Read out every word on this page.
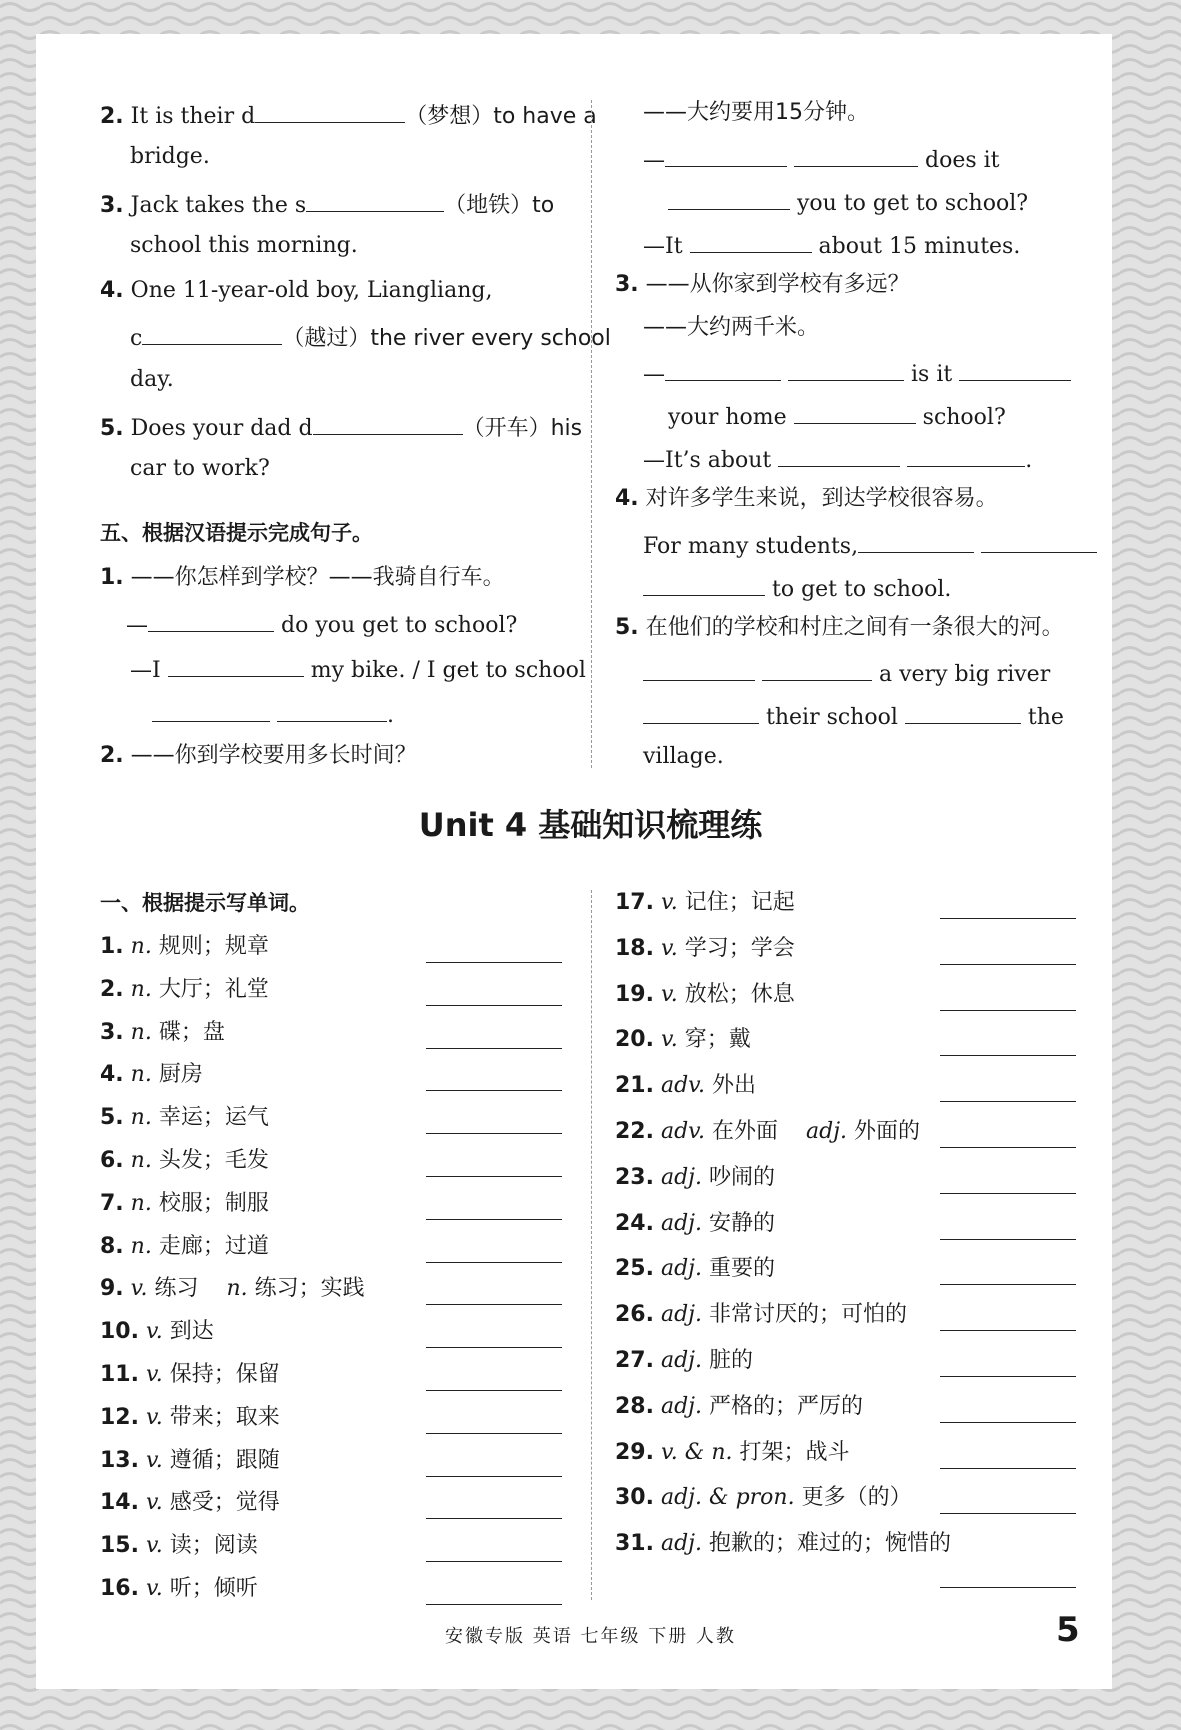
2. It is their d	（梦想）to have a
bridge.
3. Jack takes the s	（地铁）to
school this morning.
4. One 11-year-old boy, Liangliang,
c	（越过）the river every school
day.
5. Does your dad d	（开车）his
car to work?
五、根据汉语提示完成句子。
1. ——你怎样到学校？——我骑自行车。
—	do you get to school?
—I	my bike. / I get to school
.
2. ——你到学校要用多长时间？
——大约要用15分钟。
—	does it
you to get to school?
—It	about 15 minutes.
3. ——从你家到学校有多远？
——大约两千米。
—	is it
your home	school?
—It’s about	.
4. 对许多学生来说，到达学校很容易。
For many students,
to get to school.
5. 在他们的学校和村庄之间有一条很大的河。
a very big river
their school	the
village.
Unit 4 基础知识梳理练
一、根据提示写单词。
1. n. 规则；规章
2. n. 大厅；礼堂
3. n. 碟；盘
4. n. 厨房
5. n. 幸运；运气
6. n. 头发；毛发
7. n. 校服；制服
8. n. 走廊；过道
9. v. 练习 n. 练习；实践
10. v. 到达
11. v. 保持；保留
12. v. 带来；取来
13. v. 遵循；跟随
14. v. 感受；觉得
15. v. 读；阅读
16. v. 听；倾听
17. v. 记住；记起
18. v. 学习；学会
19. v. 放松；休息
20. v. 穿；戴
21. adv. 外出
22. adv. 在外面 adj. 外面的
23. adj. 吵闹的
24. adj. 安静的
25. adj. 重要的
26. adj. 非常讨厌的；可怕的
27. adj. 脏的
28. adj. 严格的；严厉的
29. v. & n. 打架；战斗
30. adj. & pron. 更多（的）
31. adj. 抱歉的；难过的；惋惜的
安徽专版 英语 七年级 下册 人教	5
